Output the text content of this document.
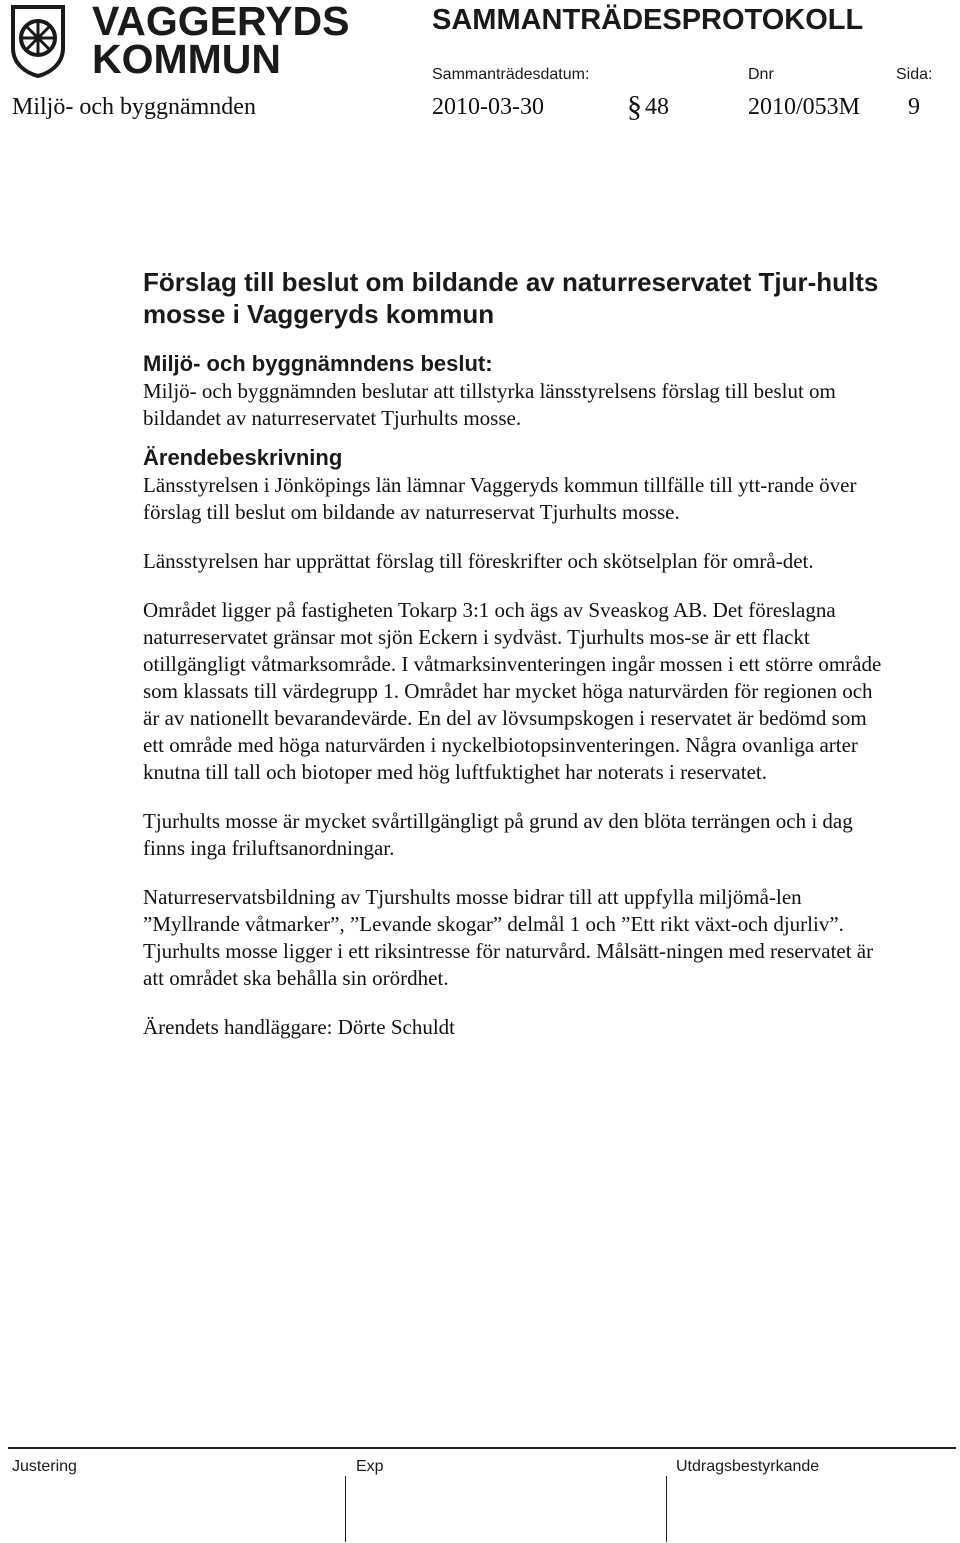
VAGGERYDS
KOMMUN
SAMMANTRÄDESPROTOKOLL
Sammanträdesdatum:	Dnr	Sida:
Miljö- och byggnämnden	2010-03-30	§ 48	2010/053M 9
Förslag till beslut om bildande av naturreservatet Tjur-hults mosse i Vaggeryds kommun
Miljö- och byggnämndens beslut:

Miljö- och byggnämnden beslutar att tillstyrka länsstyrelsens förslag till beslut om bildandet av naturreservatet Tjurhults mosse.

Ärendebeskrivning

Länsstyrelsen i Jönköpings län lämnar Vaggeryds kommun tillfälle till ytt-rande över förslag till beslut om bildande av naturreservat Tjurhults mosse.

Länsstyrelsen har upprättat förslag till föreskrifter och skötselplan för områ-det.

Området ligger på fastigheten Tokarp 3:1 och ägs av Sveaskog AB. Det föreslagna naturreservatet gränsar mot sjön Eckern i sydväst. Tjurhults mos-se är ett flackt otillgängligt våtmarksområde. I våtmarksinventeringen ingår mossen i ett större område som klassats till värdegrupp 1. Området har mycket höga naturvärden för regionen och är av nationellt bevarandevärde. En del av lövsumpskogen i reservatet är bedömd som ett område med höga naturvärden i nyckelbiotopsinventeringen. Några ovanliga arter knutna till tall och biotoper med hög luftfuktighet har noterats i reservatet.

Tjurhults mosse är mycket svårtillgängligt på grund av den blöta terrängen och i dag finns inga friluftsanordningar.

Naturreservatsbildning av Tjurshults mosse bidrar till att uppfylla miljömå-len ”Myllrande våtmarker”, ”Levande skogar” delmål 1 och ”Ett rikt växt-och djurliv”. Tjurhults mosse ligger i ett riksintresse för naturvård. Målsätt-ningen med reservatet är att området ska behålla sin orördhet.

Ärendets handläggare: Dörte Schuldt

Justering	Exp	Utdragsbestyrkande
